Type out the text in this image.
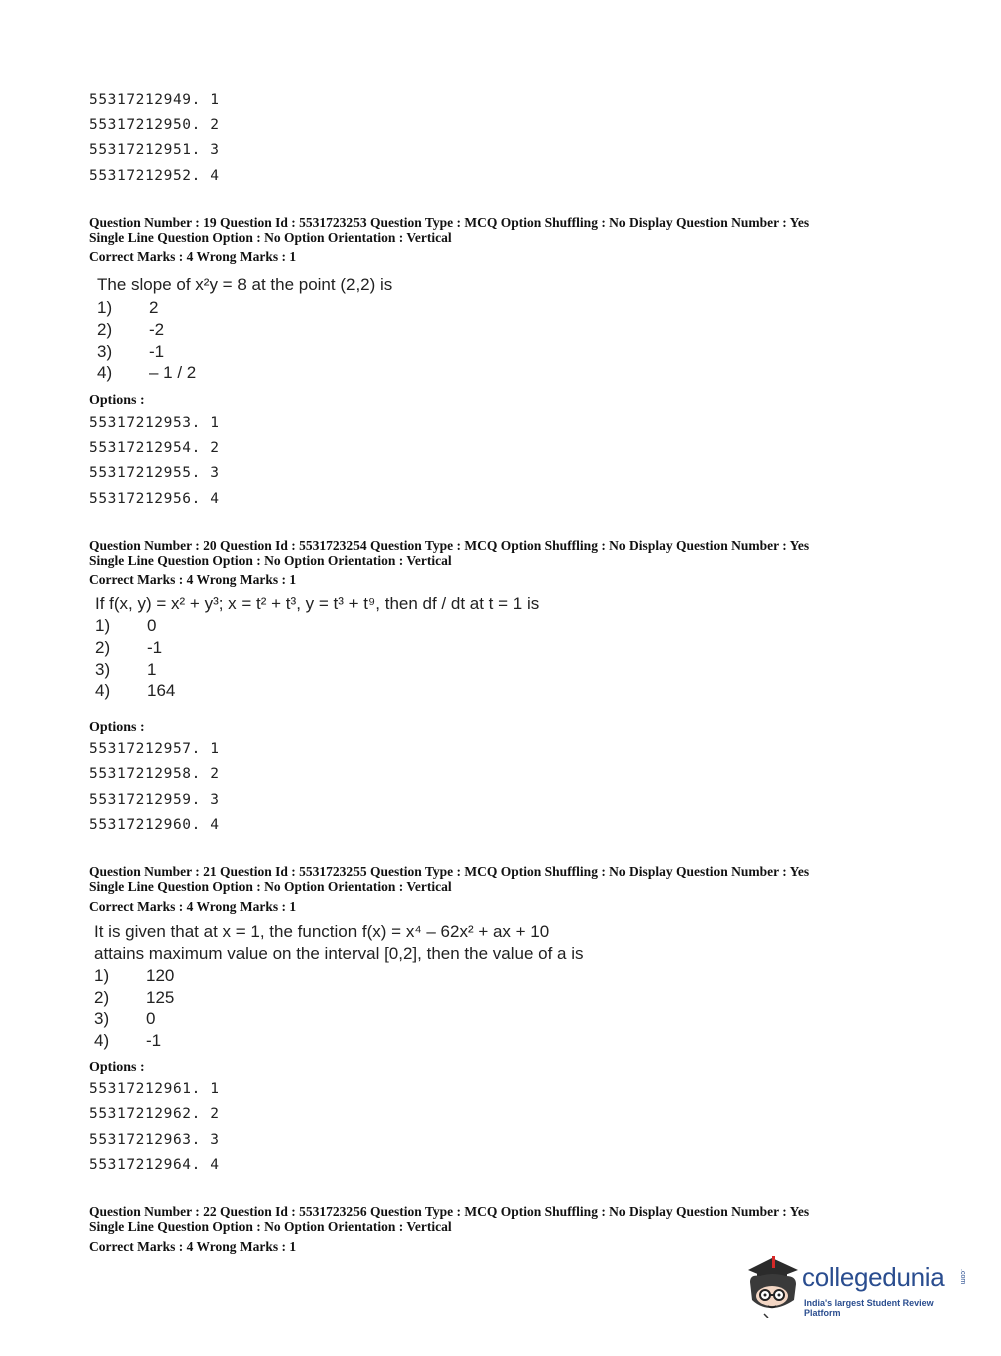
55317212949. 1
55317212950. 2
55317212951. 3
55317212952. 4
Question Number : 19 Question Id : 5531723253 Question Type : MCQ Option Shuffling : No Display Question Number : Yes
Single Line Question Option : No Option Orientation : Vertical
Correct Marks : 4 Wrong Marks : 1
The slope of x²y = 8 at the point (2,2) is
1) 2
2) -2
3) -1
4) – 1 / 2
Options :
55317212953. 1
55317212954. 2
55317212955. 3
55317212956. 4
Question Number : 20 Question Id : 5531723254 Question Type : MCQ Option Shuffling : No Display Question Number : Yes
Single Line Question Option : No Option Orientation : Vertical
Correct Marks : 4 Wrong Marks : 1
If f(x, y) = x² + y³; x = t² + t³, y = t³ + t⁹, then df / dt at t = 1 is
1) 0
2) -1
3) 1
4) 164
Options :
55317212957. 1
55317212958. 2
55317212959. 3
55317212960. 4
Question Number : 21 Question Id : 5531723255 Question Type : MCQ Option Shuffling : No Display Question Number : Yes
Single Line Question Option : No Option Orientation : Vertical
Correct Marks : 4 Wrong Marks : 1
It is given that at x = 1, the function f(x) = x⁴ – 62x² + ax + 10
attains maximum value on the interval [0,2], then the value of a is
1) 120
2) 125
3) 0
4) -1
Options :
55317212961. 1
55317212962. 2
55317212963. 3
55317212964. 4
Question Number : 22 Question Id : 5531723256 Question Type : MCQ Option Shuffling : No Display Question Number : Yes
Single Line Question Option : No Option Orientation : Vertical
Correct Marks : 4 Wrong Marks : 1
collegedunia .com
India's largest Student Review Platform
